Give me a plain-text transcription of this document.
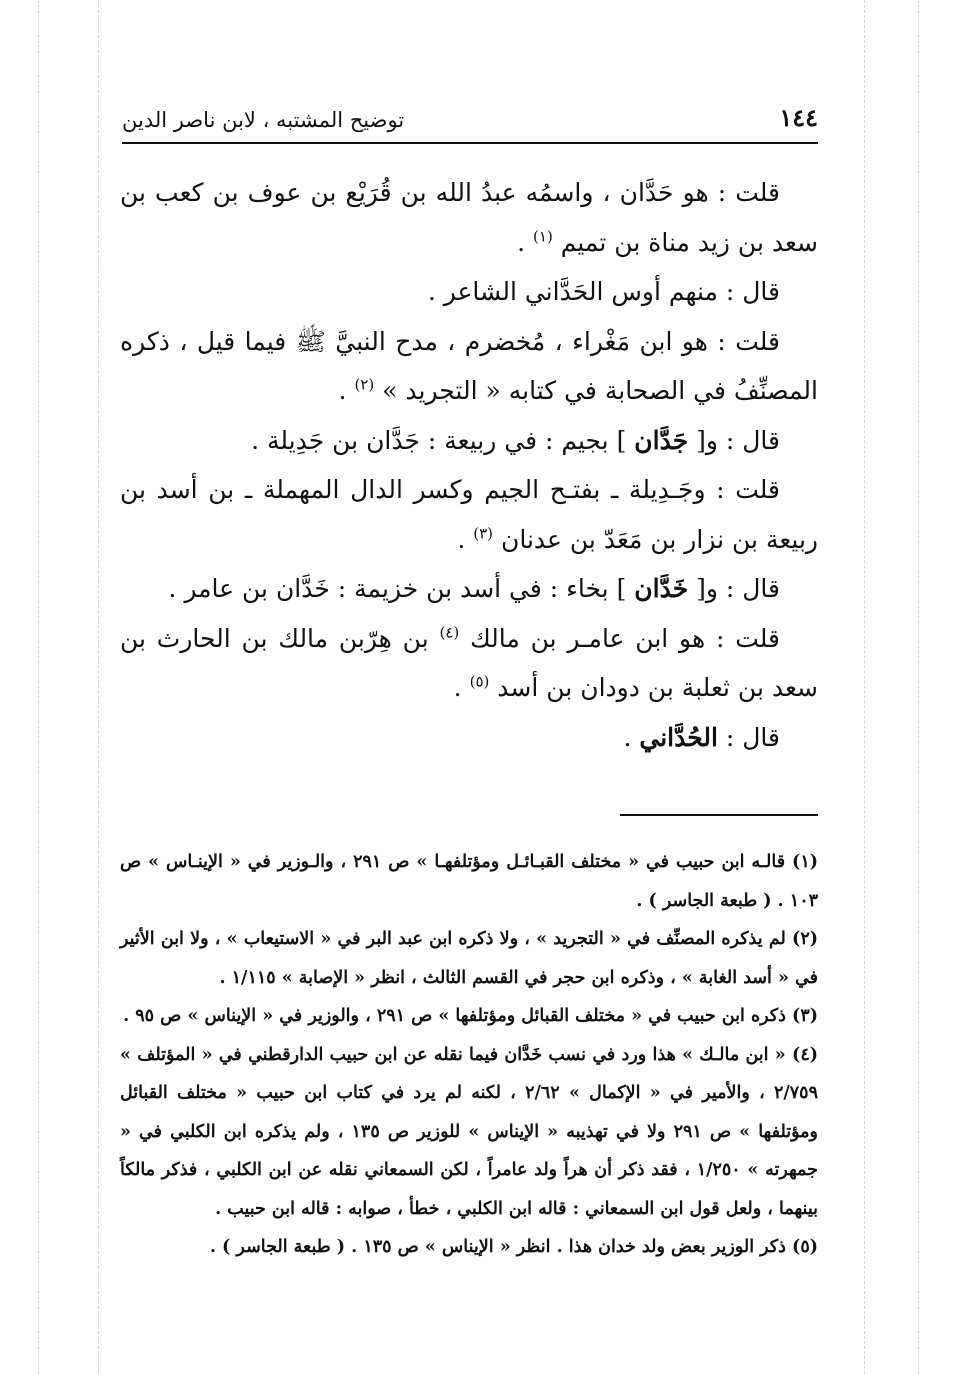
١٤٤
توضيح المشتبه ، لابن ناصر الدين

قلت : هو حَدَّان ، واسمُه عبدُ الله بن قُرَيْع بن عوف بن كعب بن سعد بن زيد مناة بن تميم $^{(١)}$ .

قال : منهم أوس الحَدَّاني الشاعر .

قلت : هو ابن مَغْراء ، مُخضرم ، مدح النبيَّ ﷺ فيما قيل ، ذكره المصنِّفُ في الصحابة في كتابه « التجريد » $^{(٢)}$ .

قال : و[ جَدَّان ] بجيم : في ربيعة : جَدَّان بن جَدِيلة .

قلت : وجَـدِيلة ـ بفتـح الجيم وكسر الدال المهملة ـ بن أسد بن ربيعة بن نزار بن مَعَدّ بن عدنان $^{(٣)}$ .

قال : و[ خَدَّان ] بخاء : في أسد بن خزيمة : خَدَّان بن عامر .

قلت : هو ابن عامـر بن مالك $^{(٤)}$ بن هِرّبن مالك بن الحارث بن سعد بن ثعلبة بن دودان بن أسد $^{(٥)}$ .

قال : الحُدَّاني .

(١) قالـه ابن حبيب في « مختلف القبـائـل ومؤتلفهـا » ص ٢٩١ ، والـوزير في « الإينـاس » ص ١٠٣ . ( طبعة الجاسر ) .

(٢) لم يذكره المصنِّف في « التجريد » ، ولا ذكره ابن عبد البر في « الاستيعاب » ، ولا ابن الأثير في « أسد الغابة » ، وذكره ابن حجر في القسم الثالث ، انظر « الإصابة » ١/١١٥ .

(٣) ذكره ابن حبيب في « مختلف القبائل ومؤتلفها » ص ٢٩١ ، والوزير في « الإيناس » ص ٩٥ .

(٤) « ابن مالـك » هذا ورد في نسب خَدَّان فيما نقله عن ابن حبيب الدارقطني في « المؤتلف » ٢/٧٥٩ ، والأمير في « الإكمال » ٢/٦٢ ، لكنه لم يرد في كتاب ابن حبيب « مختلف القبائل ومؤتلفها » ص ٢٩١ ولا في تهذيبه « الإيناس » للوزير ص ١٣٥ ، ولم يذكره ابن الكلبي في « جمهرته » ١/٢٥٠ ، فقد ذكر أن هراً ولد عامراً ، لكن السمعاني نقله عن ابن الكلبي ، فذكر مالكاً بينهما ، ولعل قول ابن السمعاني : قاله ابن الكلبي ، خطأ ، صوابه : قاله ابن حبيب .

(٥) ذكر الوزير بعض ولد خدان هذا . انظر « الإيناس » ص ١٣٥ . ( طبعة الجاسر ) .
